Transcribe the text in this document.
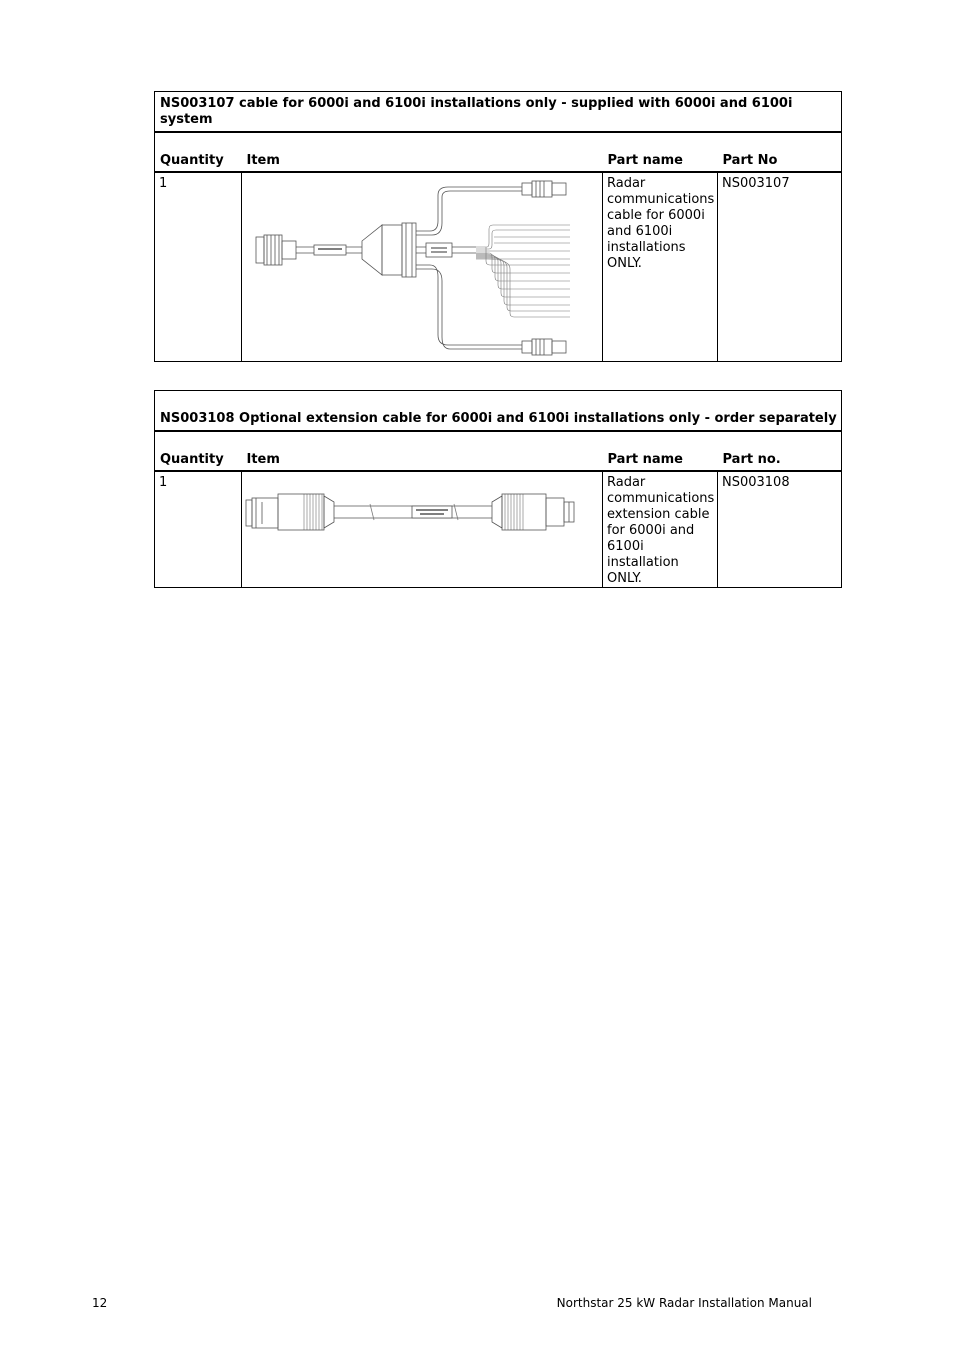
NS003107 cable for 6000i and 6100i installations only - supplied with 6000i and 6100i system			
Quantity	Item	Part name	Part No
1		Radar communications cable for 6000i and 6100i installations ONLY.	NS003107
NS003108 Optional extension cable for 6000i and 6100i installations only - order separately			
Quantity	Item	Part name	Part no.
1		Radar communications extension cable for 6000i and 6100i installation ONLY.	NS003108
12	Northstar 25 kW Radar Installation Manual
